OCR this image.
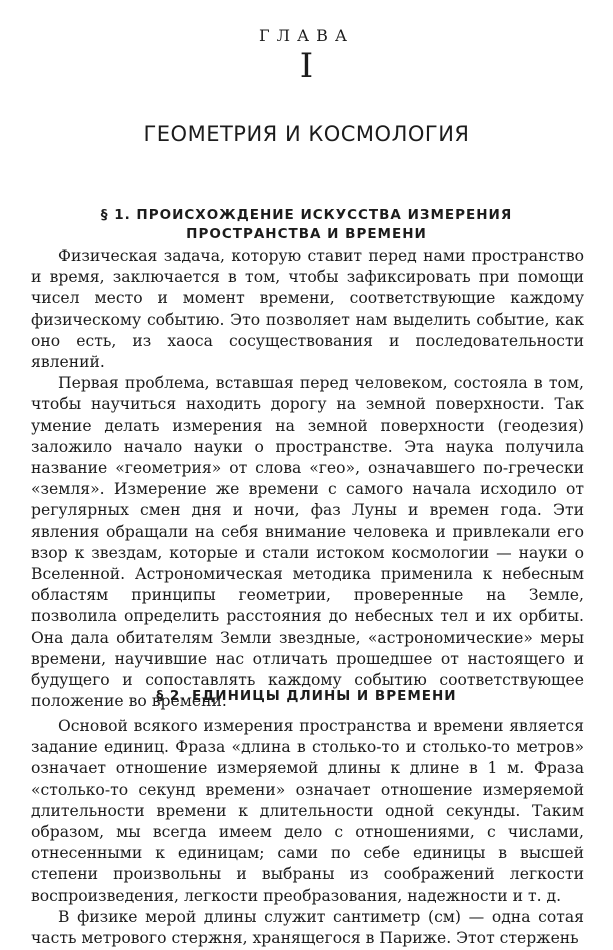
ГЛАВА
I
ГЕОМЕТРИЯ И КОСМОЛОГИЯ
§ 1. ПРОИСХОЖДЕНИЕ ИСКУССТВА ИЗМЕРЕНИЯ
ПРОСТРАНСТВА И ВРЕМЕНИ

Физическая задача, которую ставит перед нами пространство и время, заключается в том, чтобы зафиксировать при помощи чисел место и момент времени, соответствующие каждому физическому событию. Это позволяет нам выделить событие, как оно есть, из хаоса сосуществования и последовательности явлений.

Первая проблема, вставшая перед человеком, состояла в том, чтобы научиться находить дорогу на земной поверхности. Так умение делать измерения на земной поверхности (геодезия) заложило начало науки о пространстве. Эта наука получила название «геометрия» от слова «гео», означавшего по-гречески «земля». Измерение же времени с самого начала исходило от регулярных смен дня и ночи, фаз Луны и времен года. Эти явления обращали на себя внимание человека и привлекали его взор к звездам, которые и стали истоком космологии — науки о Вселенной. Астрономическая методика применила к небесным областям принципы геометрии, проверенные на Земле, позволила определить расстояния до небесных тел и их орбиты. Она дала обитателям Земли звездные, «астрономические» меры времени, научившие нас отличать прошедшее от настоящего и будущего и сопоставлять каждому событию соответствующее положение во времени.

§ 2. ЕДИНИЦЫ ДЛИНЫ И ВРЕМЕНИ

Основой всякого измерения пространства и времени является задание единиц. Фраза «длина в столько-то и столько-то метров» означает отношение измеряемой длины к длине в 1 м. Фраза «столько-то секунд времени» означает отношение измеряемой длительности времени к длительности одной секунды. Таким образом, мы всегда имеем дело с отношениями, с числами, отнесенными к единицам; сами по себе единицы в высшей степени произвольны и выбраны из соображений легкости воспроизведения, легкости преобразования, надежности и т. д.

В физике мерой длины служит сантиметр (см) — одна сотая часть метрового стержня, хранящегося в Париже. Этот стержень
